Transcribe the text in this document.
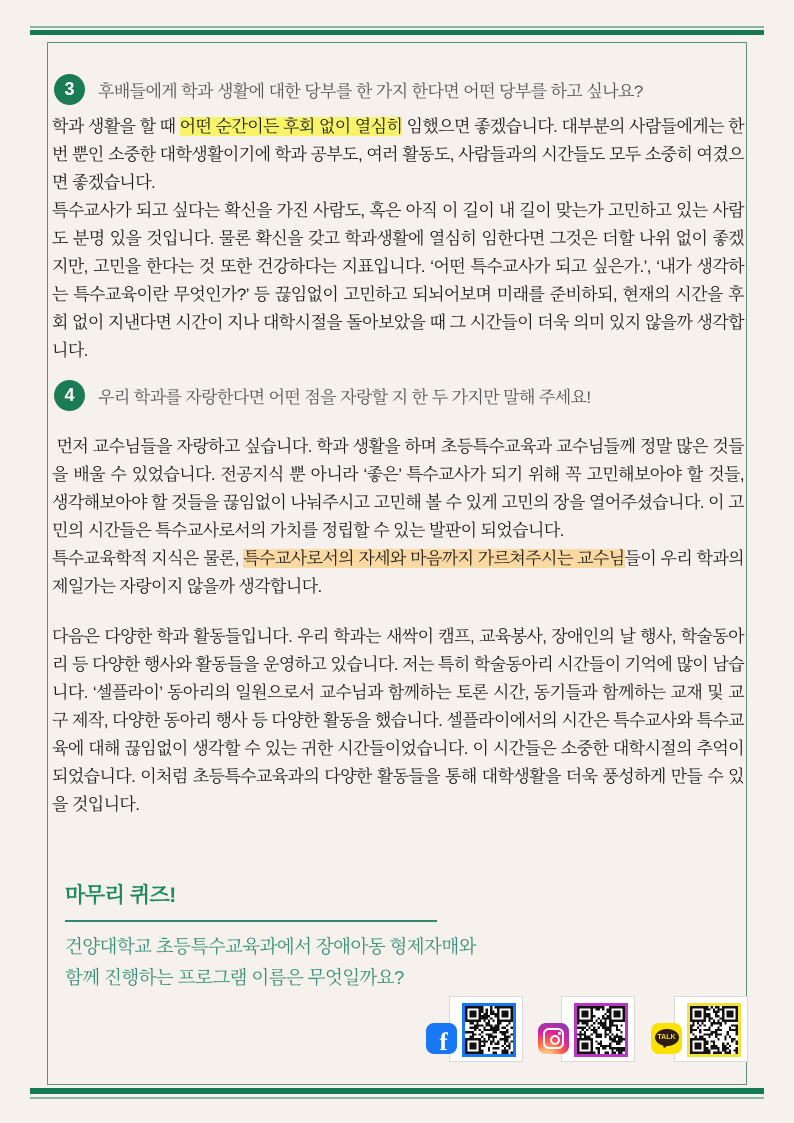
3	후배들에게 학과 생활에 대한 당부를 한 가지 한다면 어떤 당부를 하고 싶나요?

학과 생활을 할 때 어떤 순간이든 후회 없이 열심히 임했으면 좋겠습니다. 대부분의 사람들에게는 한 번 뿐인 소중한 대학생활이기에 학과 공부도, 여러 활동도, 사람들과의 시간들도 모두 소중히 여겼으면 좋겠습니다.

특수교사가 되고 싶다는 확신을 가진 사람도, 혹은 아직 이 길이 내 길이 맞는가 고민하고 있는 사람도 분명 있을 것입니다. 물론 확신을 갖고 학과생활에 열심히 임한다면 그것은 더할 나위 없이 좋겠지만, 고민을 한다는 것 또한 건강하다는 지표입니다. ‘어떤 특수교사가 되고 싶은가.’, ‘내가 생각하는 특수교육이란 무엇인가?’ 등 끊임없이 고민하고 되뇌어보며 미래를 준비하되, 현재의 시간을 후회 없이 지낸다면 시간이 지나 대학시절을 돌아보았을 때 그 시간들이 더욱 의미 있지 않을까 생각합니다.

4	우리 학과를 자랑한다면 어떤 점을 자랑할 지 한 두 가지만 말해 주세요!

먼저 교수님들을 자랑하고 싶습니다. 학과 생활을 하며 초등특수교육과 교수님들께 정말 많은 것들을 배울 수 있었습니다. 전공지식 뿐 아니라 ‘좋은’ 특수교사가 되기 위해 꼭 고민해보아야 할 것들, 생각해보아야 할 것들을 끊임없이 나눠주시고 고민해 볼 수 있게 고민의 장을 열어주셨습니다. 이 고민의 시간들은 특수교사로서의 가치를 정립할 수 있는 발판이 되었습니다.

특수교육학적 지식은 물론, 특수교사로서의 자세와 마음까지 가르쳐주시는 교수님들이 우리 학과의 제일가는 자랑이지 않을까 생각합니다.

다음은 다양한 학과 활동들입니다. 우리 학과는 새싹이 캠프, 교육봉사, 장애인의 날 행사, 학술동아리 등 다양한 행사와 활동들을 운영하고 있습니다. 저는 특히 학술동아리 시간들이 기억에 많이 남습니다. ‘셀플라이’ 동아리의 일원으로서 교수님과 함께하는 토론 시간, 동기들과 함께하는 교재 및 교구 제작, 다양한 동아리 행사 등 다양한 활동을 했습니다. 셀플라이에서의 시간은 특수교사와 특수교육에 대해 끊임없이 생각할 수 있는 귀한 시간들이었습니다. 이 시간들은 소중한 대학시절의 추억이 되었습니다. 이처럼 초등특수교육과의 다양한 활동들을 통해 대학생활을 더욱 풍성하게 만들 수 있을 것입니다.

마무리 퀴즈!
건양대학교 초등특수교육과에서 장애아동 형제자매와
함께 진행하는 프로그램 이름은 무엇일까요?
f	TALK
